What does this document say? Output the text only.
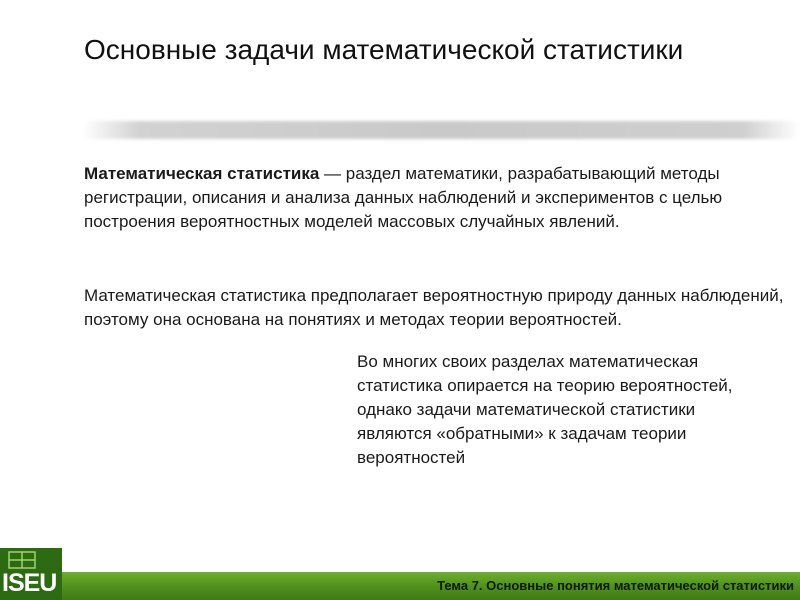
Основные задачи математической статистики
Математическая статистика — раздел математики, разрабатывающий методы регистрации, описания и анализа данных наблюдений и экспериментов с целью построения вероятностных моделей массовых случайных явлений.
Математическая статистика предполагает вероятностную природу данных наблюдений, поэтому она основана на понятиях и методах теории вероятностей.
Во многих своих разделах математическая статистика опирается на теорию вероятностей, однако задачи математической статистики являются «обратными» к задачам теории вероятностей
Тема 7. Основные понятия математической статистики
ISEU
